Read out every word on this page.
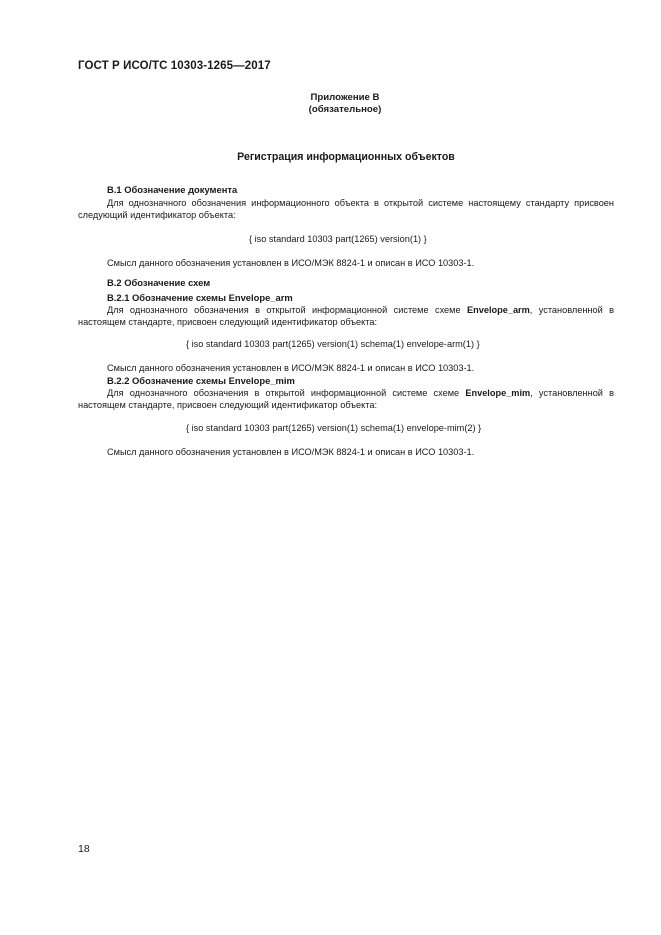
ГОСТ Р ИСО/ТС 10303-1265—2017
Приложение В
(обязательное)
Регистрация информационных объектов
В.1 Обозначение документа
Для однозначного обозначения информационного объекта в открытой системе настоящему стандарту присвоен следующий идентификатор объекта:
{ iso standard 10303 part(1265) version(1) }
Смысл данного обозначения установлен в ИСО/МЭК 8824-1 и описан в ИСО 10303-1.
В.2 Обозначение схем
В.2.1 Обозначение схемы Envelope_arm
Для однозначного обозначения в открытой информационной системе схеме Envelope_arm, установленной в настоящем стандарте, присвоен следующий идентификатор объекта:
{ iso standard 10303 part(1265) version(1) schema(1) envelope-arm(1) }
Смысл данного обозначения установлен в ИСО/МЭК 8824-1 и описан в ИСО 10303-1.
В.2.2 Обозначение схемы Envelope_mim
Для однозначного обозначения в открытой информационной системе схеме Envelope_mim, установленной в настоящем стандарте, присвоен следующий идентификатор объекта:
{ iso standard 10303 part(1265) version(1) schema(1) envelope-mim(2) }
Смысл данного обозначения установлен в ИСО/МЭК 8824-1 и описан в ИСО 10303-1.
18
